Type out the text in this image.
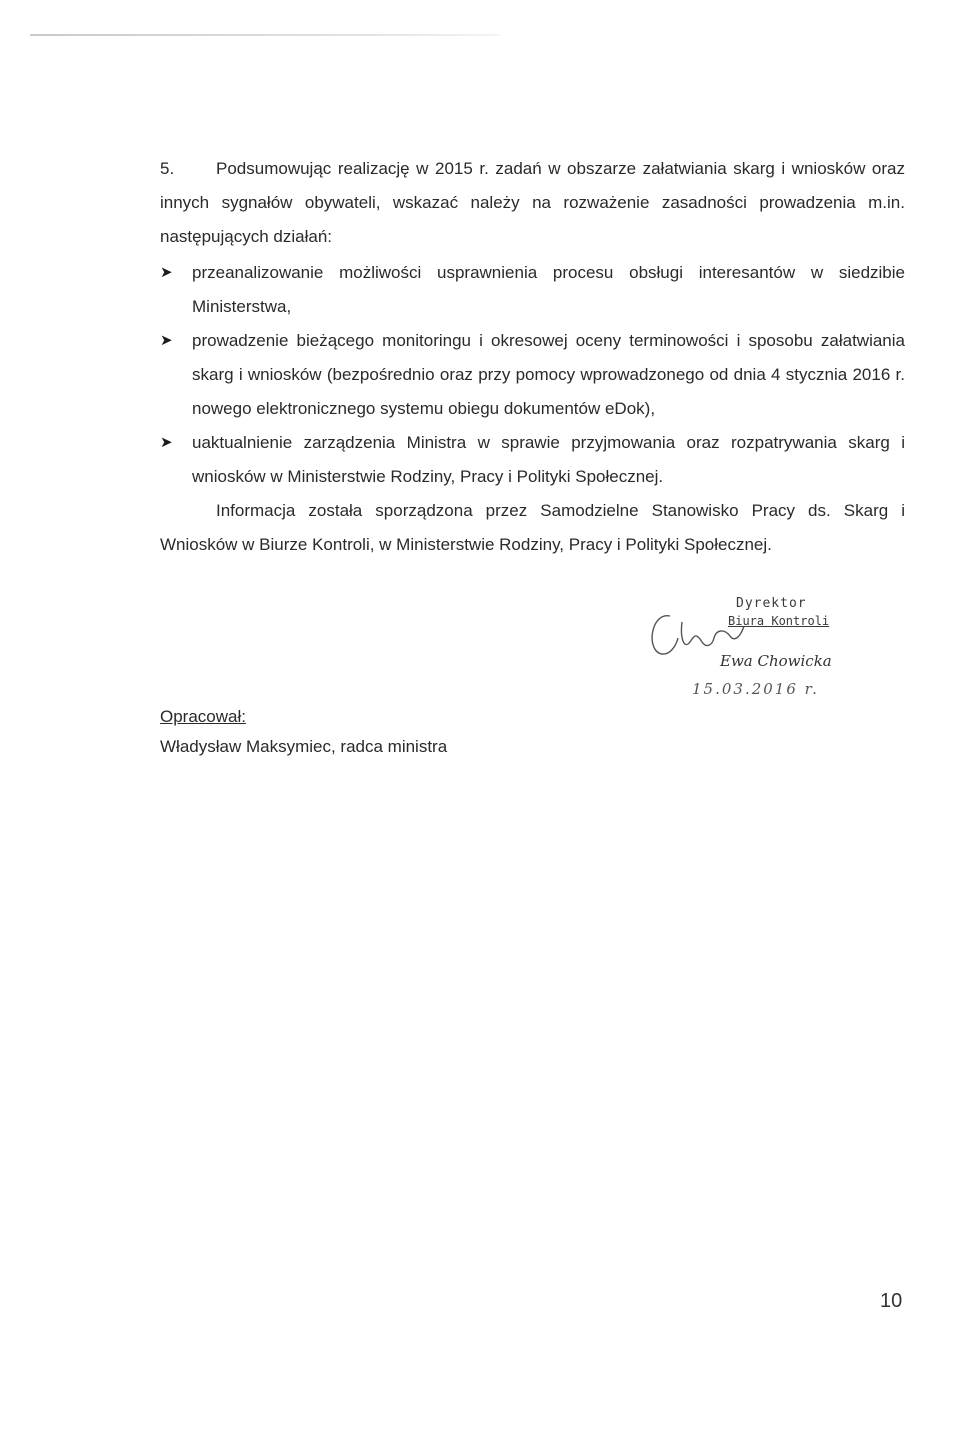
5. Podsumowując realizację w 2015 r. zadań w obszarze załatwiania skarg i wniosków oraz innych sygnałów obywateli, wskazać należy na rozważenie zasadności prowadzenia m.in. następujących działań:

➤ przeanalizowanie możliwości usprawnienia procesu obsługi interesantów w siedzibie Ministerstwa,
➤ prowadzenie bieżącego monitoringu i okresowej oceny terminowości i sposobu załatwiania skarg i wniosków (bezpośrednio oraz przy pomocy wprowadzonego od dnia 4 stycznia 2016 r. nowego elektronicznego systemu obiegu dokumentów eDok),
➤ uaktualnienie zarządzenia Ministra w sprawie przyjmowania oraz rozpatrywania skarg i wniosków w Ministerstwie Rodziny, Pracy i Polityki Społecznej.

Informacja została sporządzona przez Samodzielne Stanowisko Pracy ds. Skarg i Wniosków w Biurze Kontroli, w Ministerstwie Rodziny, Pracy i Polityki Społecznej.

Dyrektor
Biura Kontroli
Ewa Chowicka
15.03.2016 r.
Opracował:
Władysław Maksymiec, radca ministra
10
